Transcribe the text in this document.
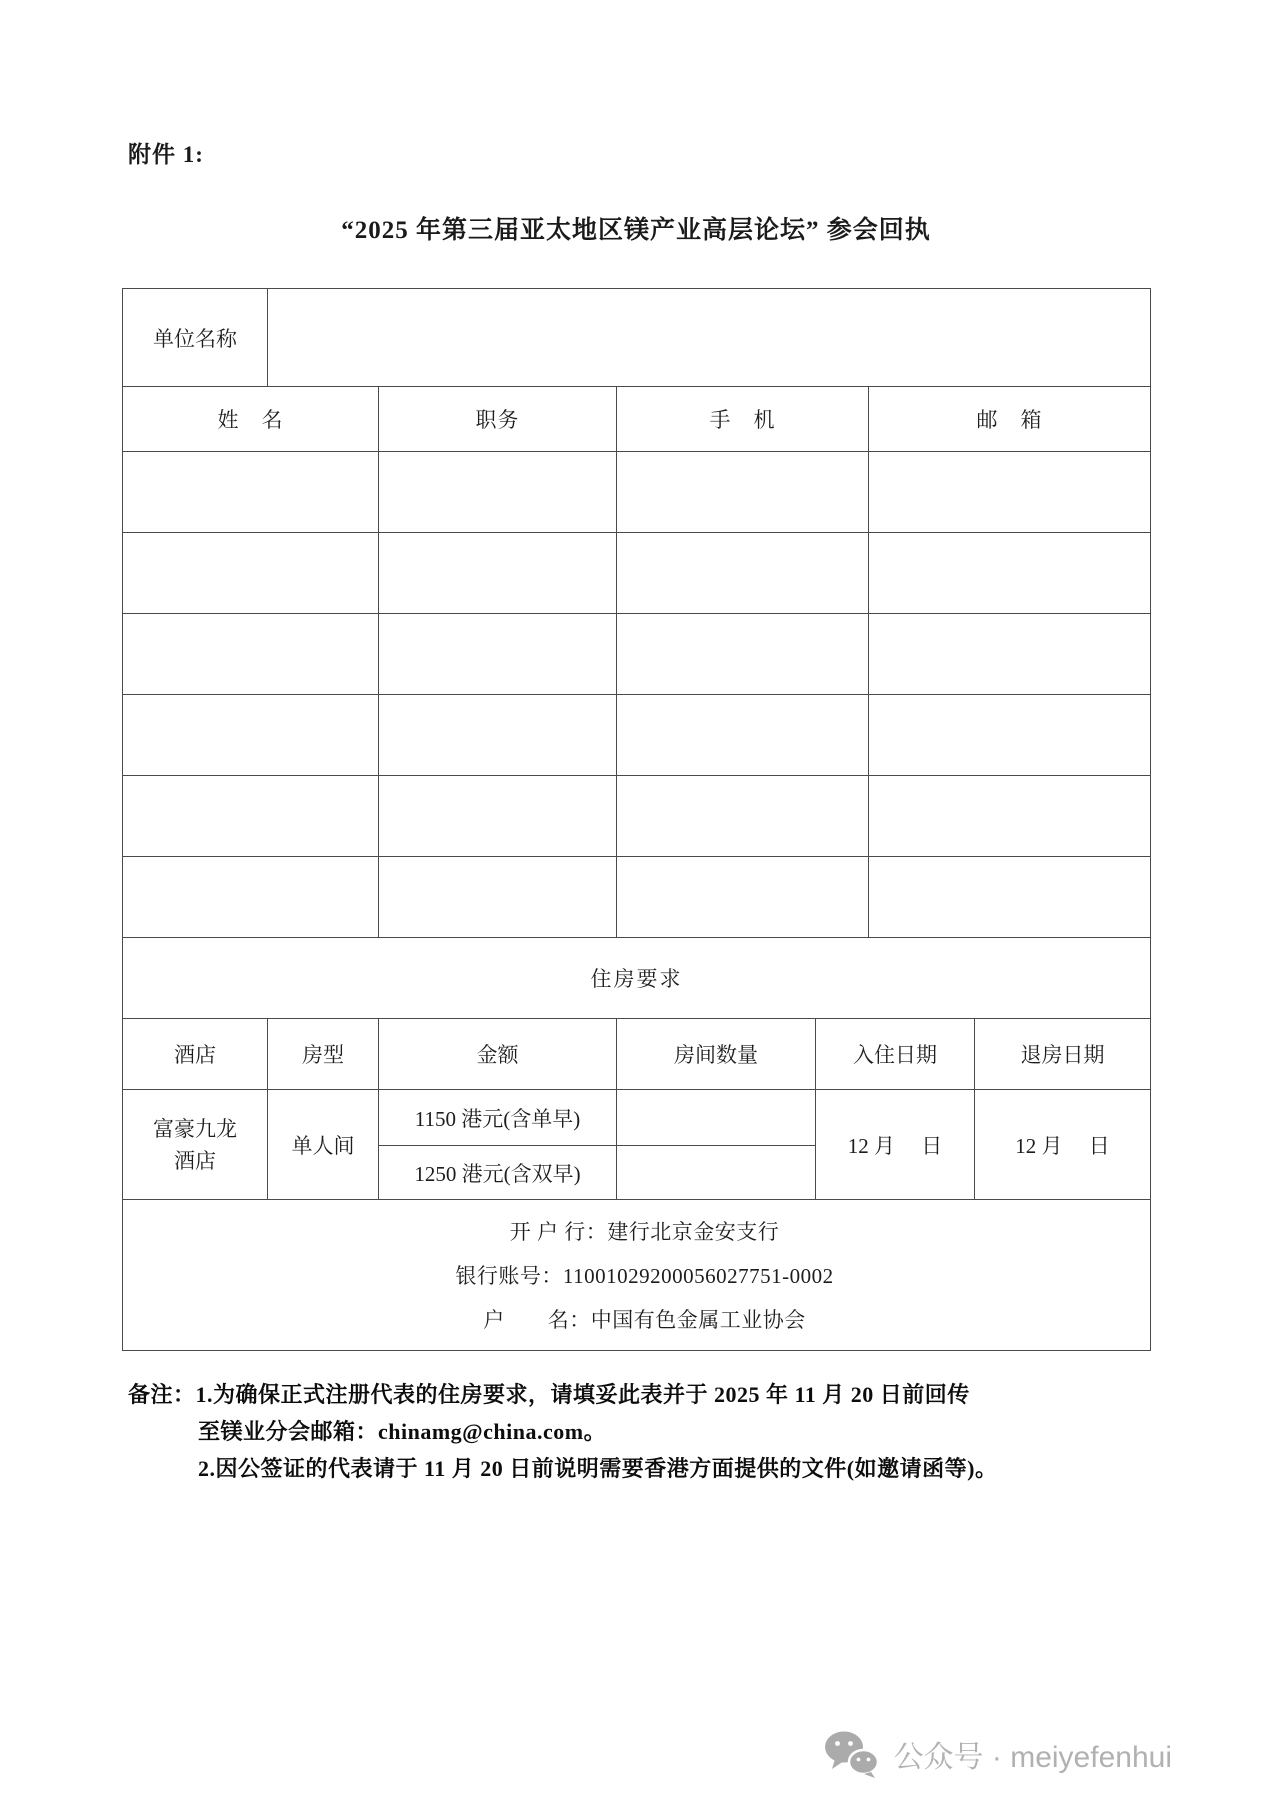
附件 1:
“2025 年第三届亚太地区镁产业高层论坛” 参会回执
单位名称						
姓　名		职务	手　机		邮　箱	

住房要求						
酒店	房型	金额	房间数量	入住日期		退房日期

富豪九龙
酒店	单人间	1150 港元(含单早)		12 月　 日		12 月　 日
		1250 港元(含双早)				

开 户 行：建行北京金安支行
银行账号：11001029200056027751-0002
户　　名：中国有色金属工业协会						
备注：1.为确保正式注册代表的住房要求，请填妥此表并于 2025 年 11 月 20 日前回传
至镁业分会邮箱：chinamg@china.com。
2.因公签证的代表请于 11 月 20 日前说明需要香港方面提供的文件(如邀请函等)。
公众号 · meiyefenhui
